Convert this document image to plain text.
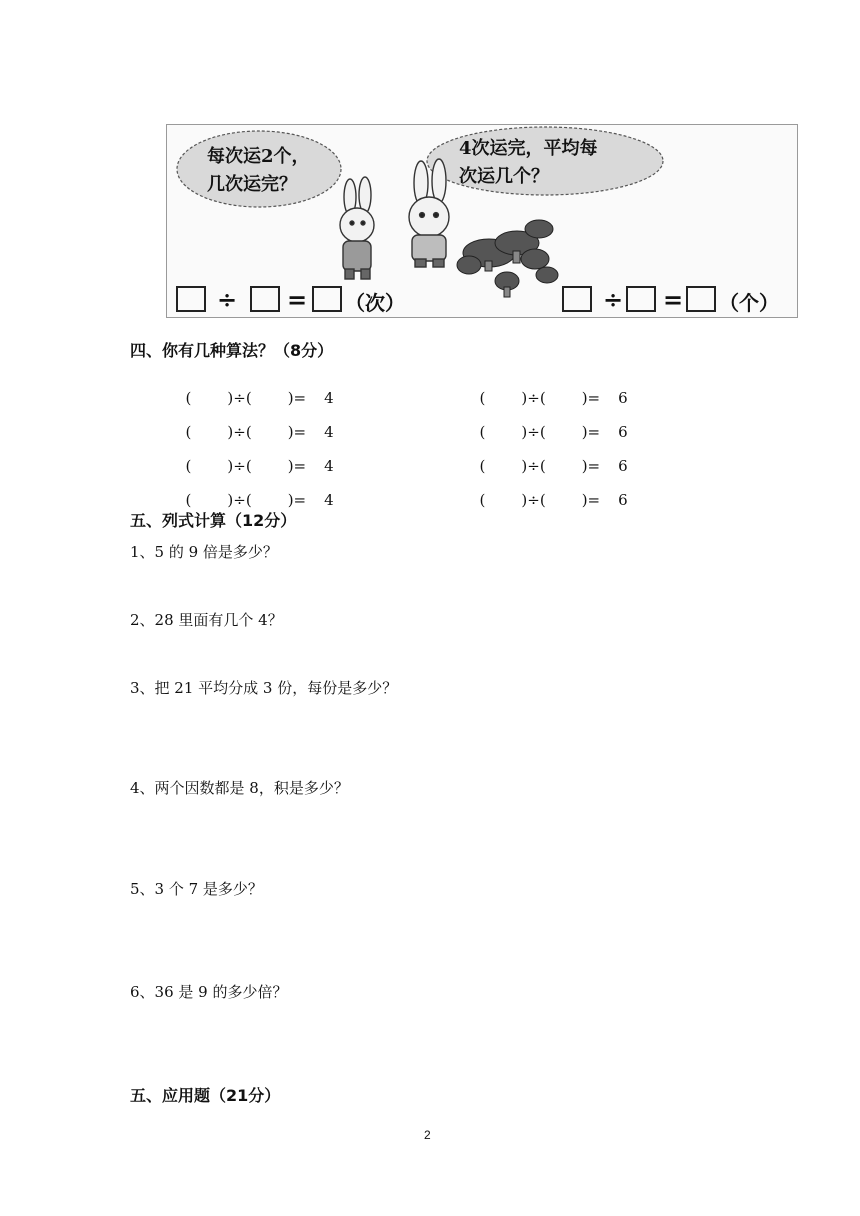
每次运2个，
几次运完？
4次运完，平均每
次运几个？
÷ = （次）	÷ = （个）
四、你有几种算法？（8分）

( )÷( )= 4

( )÷( )= 4

( )÷( )= 4

( )÷( )= 4

( )÷( )= 6

( )÷( )= 6

( )÷( )= 6

( )÷( )= 6

五、列式计算（12分）
1、5 的 9 倍是多少？
2、28 里面有几个 4？
3、把 21 平均分成 3 份，每份是多少？
4、两个因数都是 8，积是多少？
5、3 个 7 是多少？
6、36 是 9 的多少倍？
五、应用题（21分）
2
